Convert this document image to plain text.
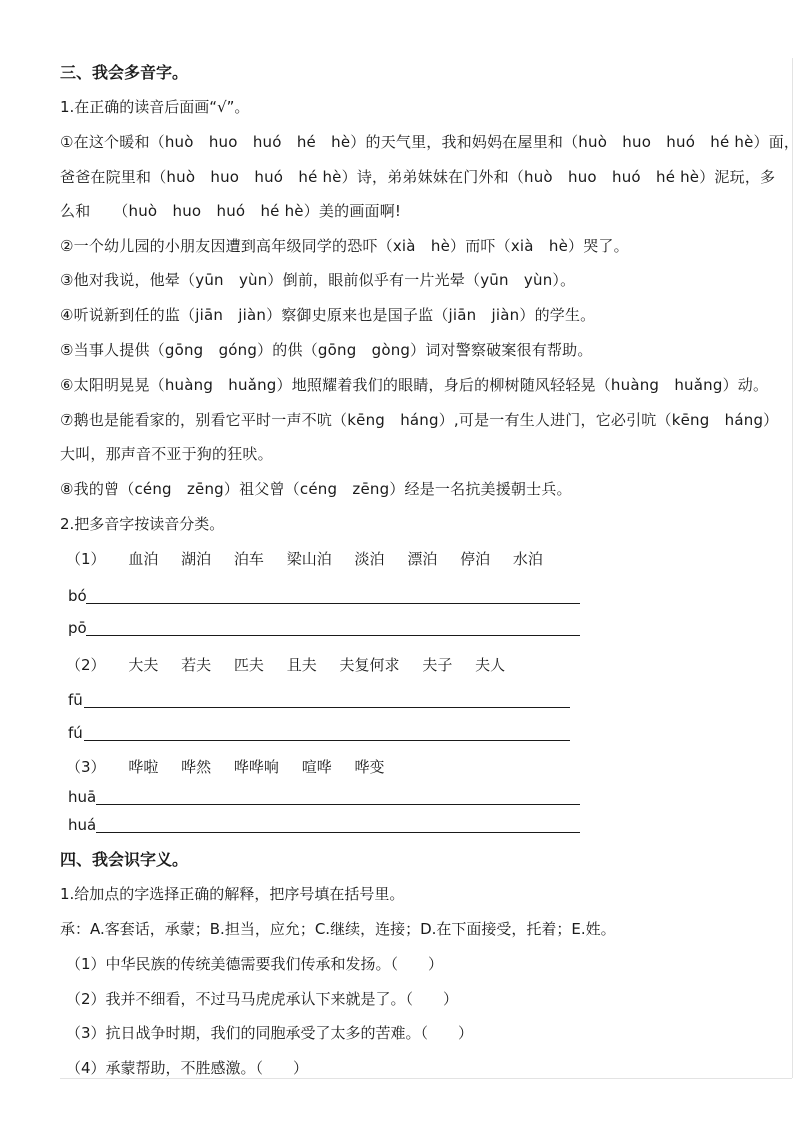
三、我会多音字。
1.在正确的读音后面画“√”。
①在这个暖和（huò　huo　huó　hé　hè）的天气里，我和妈妈在屋里和（huò　huo　huó　hé hè）面，
爸爸在院里和（huò　huo　huó　hé hè）诗，弟弟妹妹在门外和（huò　huo　huó　hé hè）泥玩，多
么和　　（huò　huo　huó　hé hè）美的画面啊!
②一个幼儿园的小朋友因遭到高年级同学的恐吓（xià　hè）而吓（xià　hè）哭了。
③他对我说，他晕（yūn　yùn）倒前，眼前似乎有一片光晕（yūn　yùn）。
④听说新到任的监（jiān　jiàn）察御史原来也是国子监（jiān　jiàn）的学生。
⑤当事人提供（gōng　góng）的供（gōng　gòng）词对警察破案很有帮助。
⑥太阳明晃晃（huàng　huǎng）地照耀着我们的眼睛，身后的柳树随风轻轻晃（huàng　huǎng）动。
⑦鹅也是能看家的，别看它平时一声不吭（kēng　háng）,可是一有生人进门，它必引吭（kēng　háng）
大叫，那声音不亚于狗的狂吠。
⑧我的曾（céng　zēng）祖父曾（céng　zēng）经是一名抗美援朝士兵。
2.把多音字按读音分类。
（1） 血泊 湖泊 泊车 梁山泊 淡泊 漂泊 停泊 水泊
bó
pō
（2） 大夫 若夫 匹夫 且夫 夫复何求 夫子 夫人
fū
fú
（3） 哗啦 哗然 哗哗响 喧哗 哗变
huā
huá
四、我会识字义。
1.给加点的字选择正确的解释，把序号填在括号里。
承：A.客套话，承蒙；B.担当，应允；C.继续，连接；D.在下面接受，托着；E.姓。
（1）中华民族的传统美德需要我们传承和发扬。（　　）
（2）我并不细看，不过马马虎虎承认下来就是了。（　　）
（3）抗日战争时期，我们的同胞承受了太多的苦难。（　　）
（4）承蒙帮助，不胜感激。（　　）
